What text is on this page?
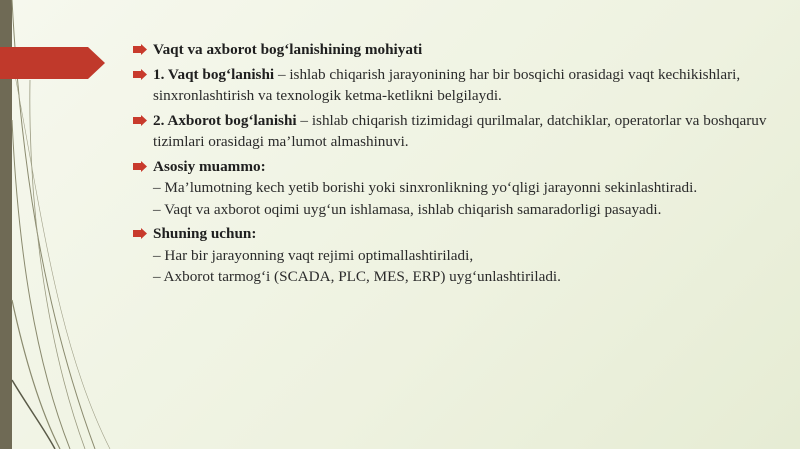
Vaqt va axborot bog‘lanishining mohiyati
1. Vaqt bog‘lanishi – ishlab chiqarish jarayonining har bir bosqichi orasidagi vaqt kechikishlari, sinxronlashtirish va texnologik ketma-ketlikni belgilaydi.
2. Axborot bog‘lanishi – ishlab chiqarish tizimidagi qurilmalar, datchiklar, operatorlar va boshqaruv tizimlari orasidagi ma’lumot almashinuvi.
Asosiy muammo:
– Ma’lumotning kech yetib borishi yoki sinxronlikning yo‘qligi jarayonni sekinlashtiradi.
– Vaqt va axborot oqimi uyg‘un ishlamasa, ishlab chiqarish samaradorligi pasayadi.
Shuning uchun:
– Har bir jarayonning vaqt rejimi optimallashtiriladi,
– Axborot tarmog‘i (SCADA, PLC, MES, ERP) uyg‘unlashtiriladi.
